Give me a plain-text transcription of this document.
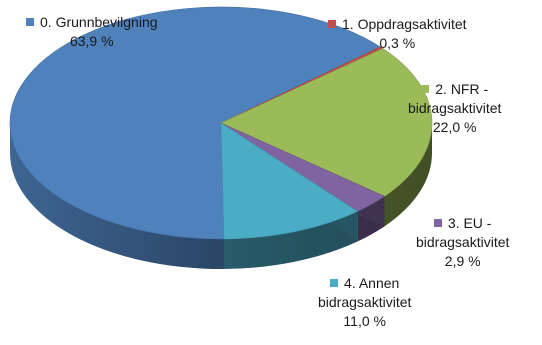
0. Grunnbevilgning
63,9 %
1. Oppdragsaktivitet
0,3 %
2. NFR -
bidragsaktivitet
22,0 %
3. EU -
bidragsaktivitet
2,9 %
4. Annen
bidragsaktivitet
11,0 %
